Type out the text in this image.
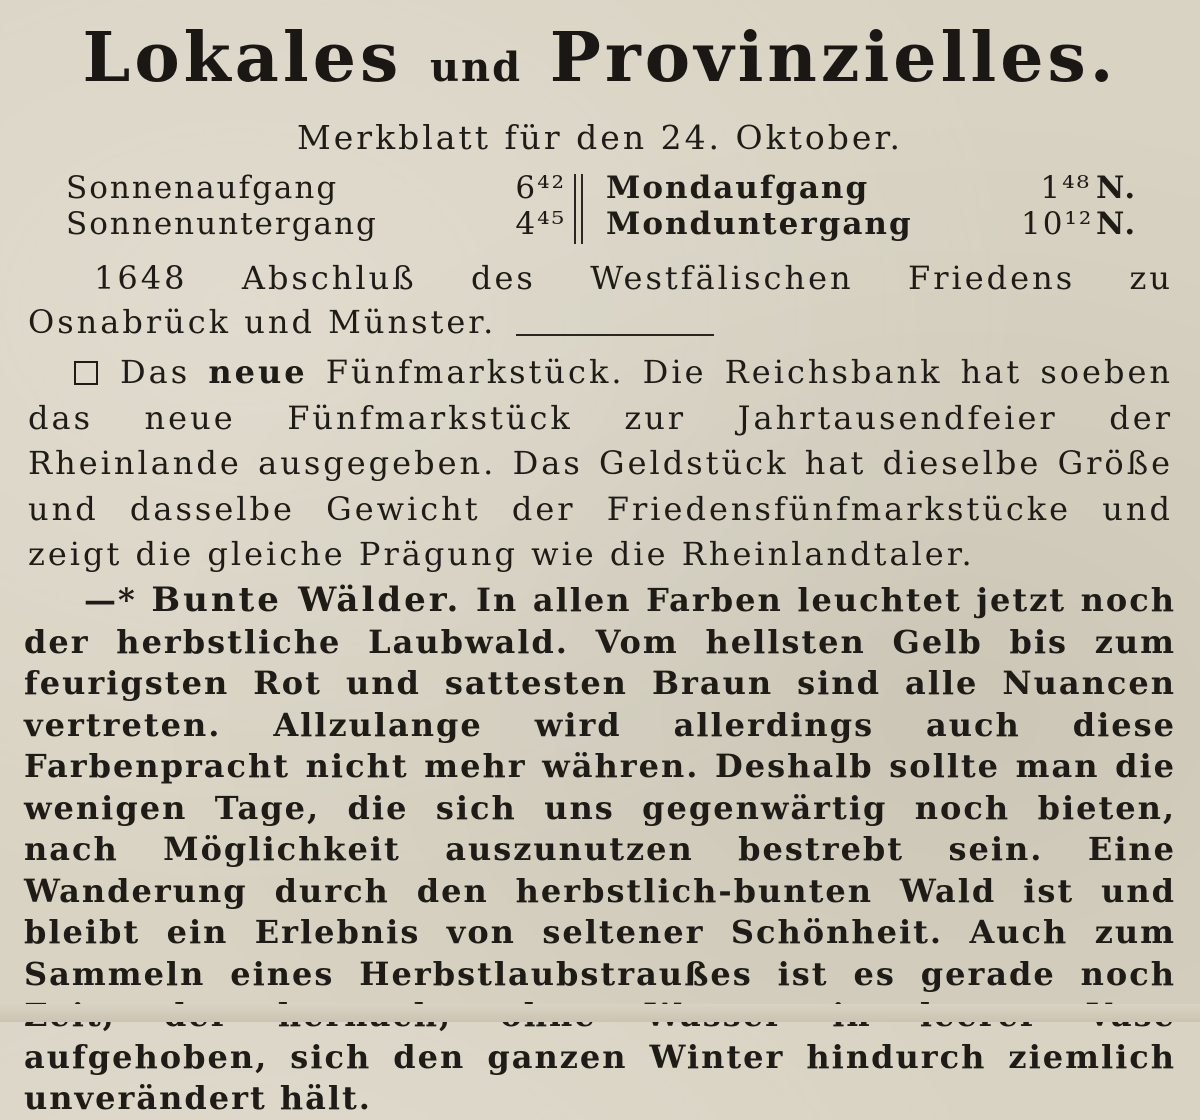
Lokales und Provinzielles.
Merkblatt für den 24. Oktober.
Sonnenaufgang	6⁴² Mondaufgang	1⁴⁸ N.
Sonnenuntergang	4⁴⁵ Monduntergang	10¹² N.
1648 Abschluß des Westfälischen Friedens zu Osnabrück und Münster.
Das neue Fünfmarkstück. Die Reichsbank hat soeben das neue Fünfmarkstück zur Jahrtausendfeier der Rheinlande ausgegeben. Das Geldstück hat dieselbe Größe und dasselbe Gewicht der Friedensfünfmarkstücke und zeigt die gleiche Prägung wie die Rheinlandtaler.
—* Bunte Wälder. In allen Farben leuchtet jetzt noch der herbstliche Laubwald. Vom hellsten Gelb bis zum feurigsten Rot und sattesten Braun sind alle Nuancen vertreten. Allzulange wird allerdings auch diese Farbenpracht nicht mehr währen. Deshalb sollte man die wenigen Tage, die sich uns gegenwärtig noch bieten, nach Möglichkeit auszunutzen bestrebt sein. Eine Wanderung durch den herbstlich-bunten Wald ist und bleibt ein Erlebnis von seltener Schönheit. Auch zum Sammeln eines Herbstlaubstraußes ist es gerade noch aufgehoben, sich den ganzen Winter hindurch ziemlich unverändert hält.
